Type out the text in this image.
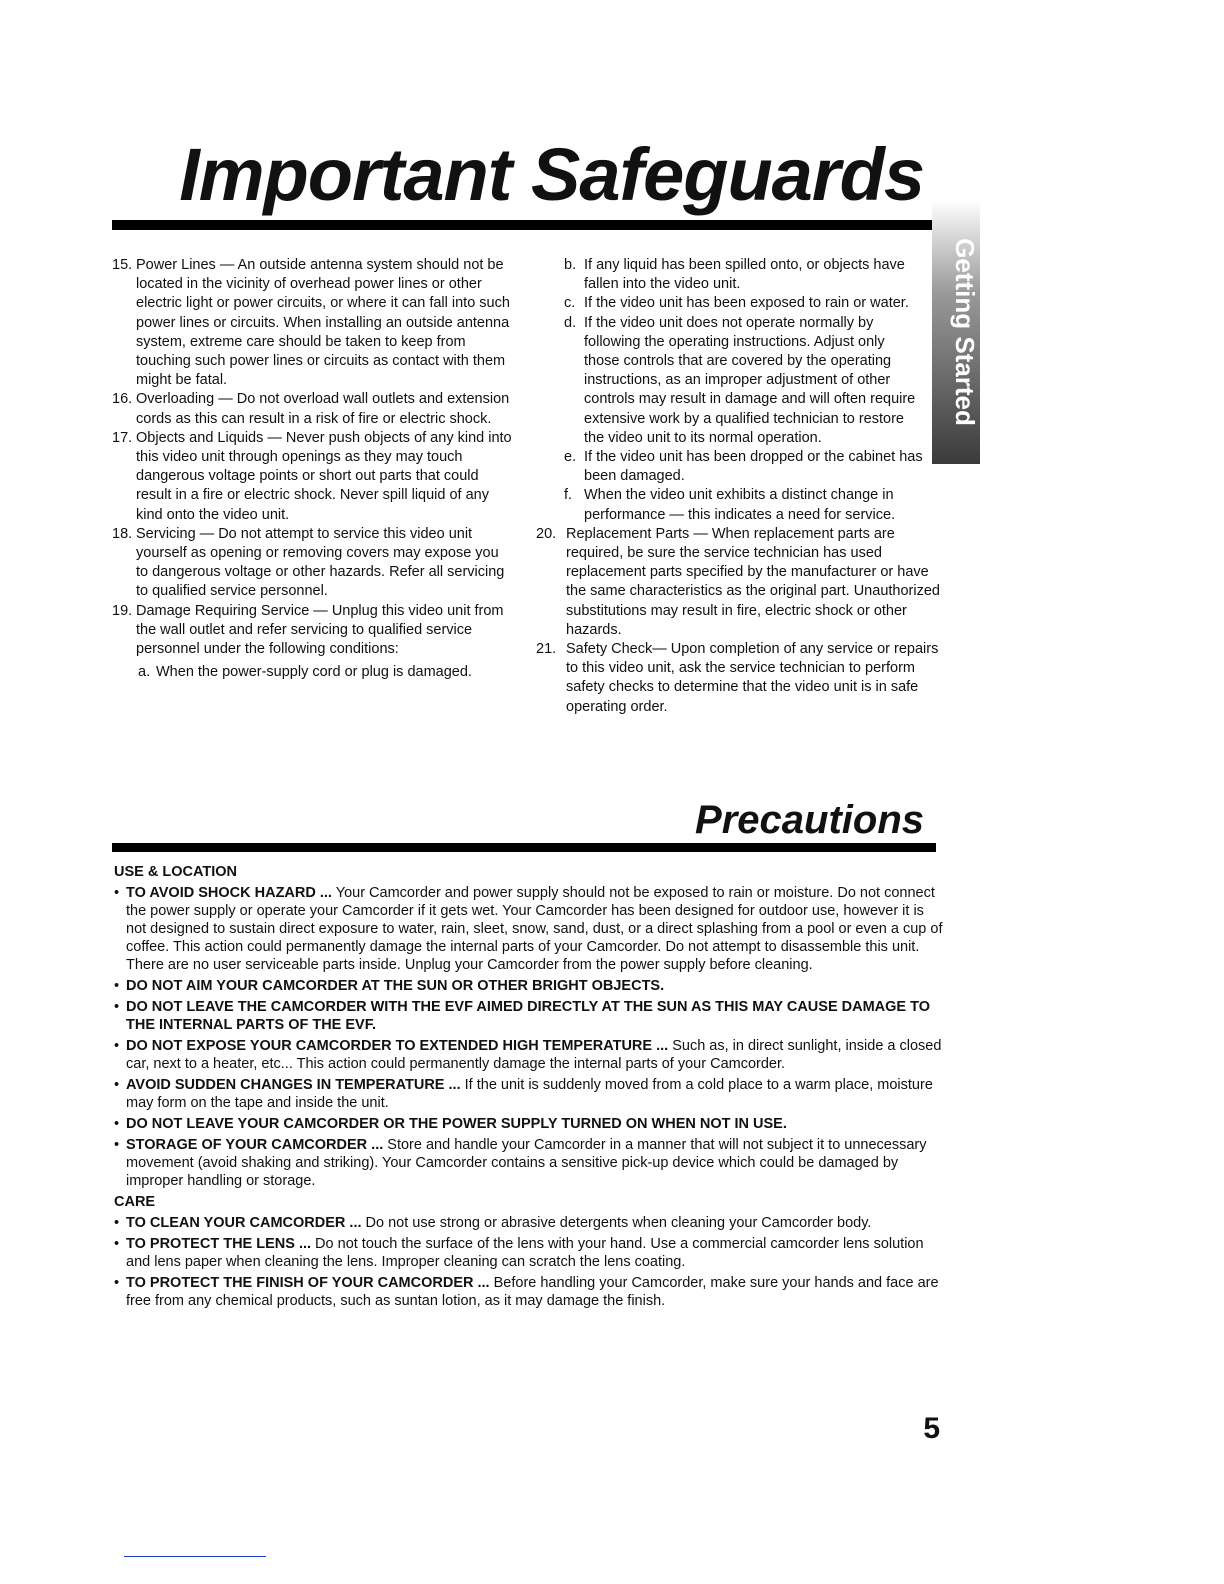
Important Safeguards
Getting Started
15. Power Lines — An outside antenna system should not be located in the vicinity of overhead power lines or other electric light or power circuits, or where it can fall into such power lines or circuits. When installing an outside antenna system, extreme care should be taken to keep from touching such power lines or circuits as contact with them might be fatal.
16. Overloading — Do not overload wall outlets and extension cords as this can result in a risk of fire or electric shock.
17. Objects and Liquids — Never push objects of any kind into this video unit through openings as they may touch dangerous voltage points or short out parts that could result in a fire or electric shock. Never spill liquid of any kind onto the video unit.
18. Servicing — Do not attempt to service this video unit yourself as opening or removing covers may expose you to dangerous voltage or other hazards. Refer all servicing to qualified service personnel.
19. Damage Requiring Service — Unplug this video unit from the wall outlet and refer servicing to qualified service personnel under the following conditions:
a. When the power-supply cord or plug is damaged.
b. If any liquid has been spilled onto, or objects have fallen into the video unit.
c. If the video unit has been exposed to rain or water.
d. If the video unit does not operate normally by following the operating instructions. Adjust only those controls that are covered by the operating instructions, as an improper adjustment of other controls may result in damage and will often require extensive work by a qualified technician to restore the video unit to its normal operation.
e. If the video unit has been dropped or the cabinet has been damaged.
f. When the video unit exhibits a distinct change in performance — this indicates a need for service.
20. Replacement Parts — When replacement parts are required, be sure the service technician has used replacement parts specified by the manufacturer or have the same characteristics as the original part. Unauthorized substitutions may result in fire, electric shock or other hazards.
21. Safety Check— Upon completion of any service or repairs to this video unit, ask the service technician to perform safety checks to determine that the video unit is in safe operating order.
Precautions
USE & LOCATION
• TO AVOID SHOCK HAZARD ... Your Camcorder and power supply should not be exposed to rain or moisture. Do not connect the power supply or operate your Camcorder if it gets wet. Your Camcorder has been designed for outdoor use, however it is not designed to sustain direct exposure to water, rain, sleet, snow, sand, dust, or a direct splashing from a pool or even a cup of coffee. This action could permanently damage the internal parts of your Camcorder. Do not attempt to disassemble this unit. There are no user serviceable parts inside. Unplug your Camcorder from the power supply before cleaning.
• DO NOT AIM YOUR CAMCORDER AT THE SUN OR OTHER BRIGHT OBJECTS.
• DO NOT LEAVE THE CAMCORDER WITH THE EVF AIMED DIRECTLY AT THE SUN AS THIS MAY CAUSE DAMAGE TO THE INTERNAL PARTS OF THE EVF.
• DO NOT EXPOSE YOUR CAMCORDER TO EXTENDED HIGH TEMPERATURE ... Such as, in direct sunlight, inside a closed car, next to a heater, etc... This action could permanently damage the internal parts of your Camcorder.
• AVOID SUDDEN CHANGES IN TEMPERATURE ... If the unit is suddenly moved from a cold place to a warm place, moisture may form on the tape and inside the unit.
• DO NOT LEAVE YOUR CAMCORDER OR THE POWER SUPPLY TURNED ON WHEN NOT IN USE.
• STORAGE OF YOUR CAMCORDER ... Store and handle your Camcorder in a manner that will not subject it to unnecessary movement (avoid shaking and striking). Your Camcorder contains a sensitive pick-up device which could be damaged by improper handling or storage.
CARE
• TO CLEAN YOUR CAMCORDER ... Do not use strong or abrasive detergents when cleaning your Camcorder body.
• TO PROTECT THE LENS ... Do not touch the surface of the lens with your hand. Use a commercial camcorder lens solution and lens paper when cleaning the lens. Improper cleaning can scratch the lens coating.
• TO PROTECT THE FINISH OF YOUR CAMCORDER ... Before handling your Camcorder, make sure your hands and face are free from any chemical products, such as suntan lotion, as it may damage the finish.
5
